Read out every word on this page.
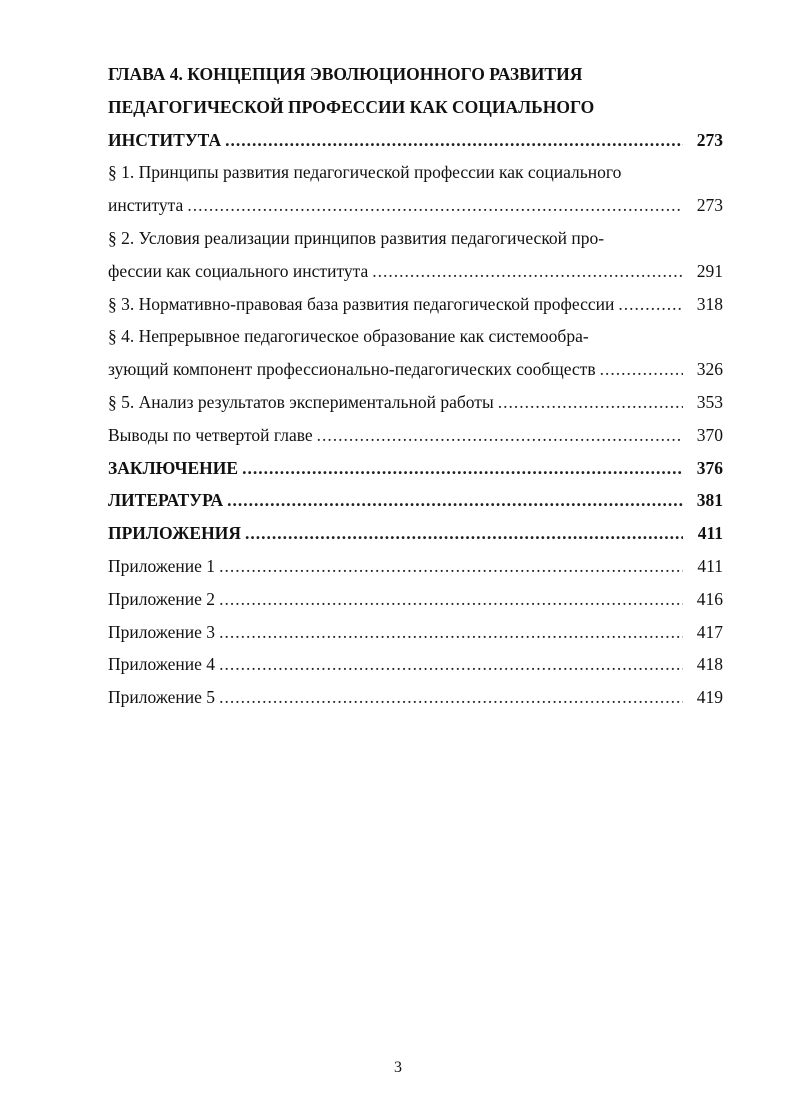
ГЛАВА 4. КОНЦЕПЦИЯ ЭВОЛЮЦИОННОГО РАЗВИТИЯ
ПЕДАГОГИЧЕСКОЙ ПРОФЕССИИ КАК СОЦИАЛЬНОГО
ИНСТИТУТА .....	273
§ 1. Принципы развития педагогической профессии как социального
института .....	273
§ 2. Условия реализации принципов развития педагогической про-
фессии как социального института .....	291
§ 3. Нормативно-правовая база развития педагогической профессии .....	318
§ 4. Непрерывное педагогическое образование как системообра-
зующий компонент профессионально-педагогических сообществ .....	326
§ 5. Анализ результатов экспериментальной работы .....	353
Выводы по четвертой главе .....	370
ЗАКЛЮЧЕНИЕ .....	376
ЛИТЕРАТУРА .....	381
ПРИЛОЖЕНИЯ .....	411
Приложение 1 .....	411
Приложение 2 .....	416
Приложение 3 .....	417
Приложение 4 .....	418
Приложение 5 .....	419
3
